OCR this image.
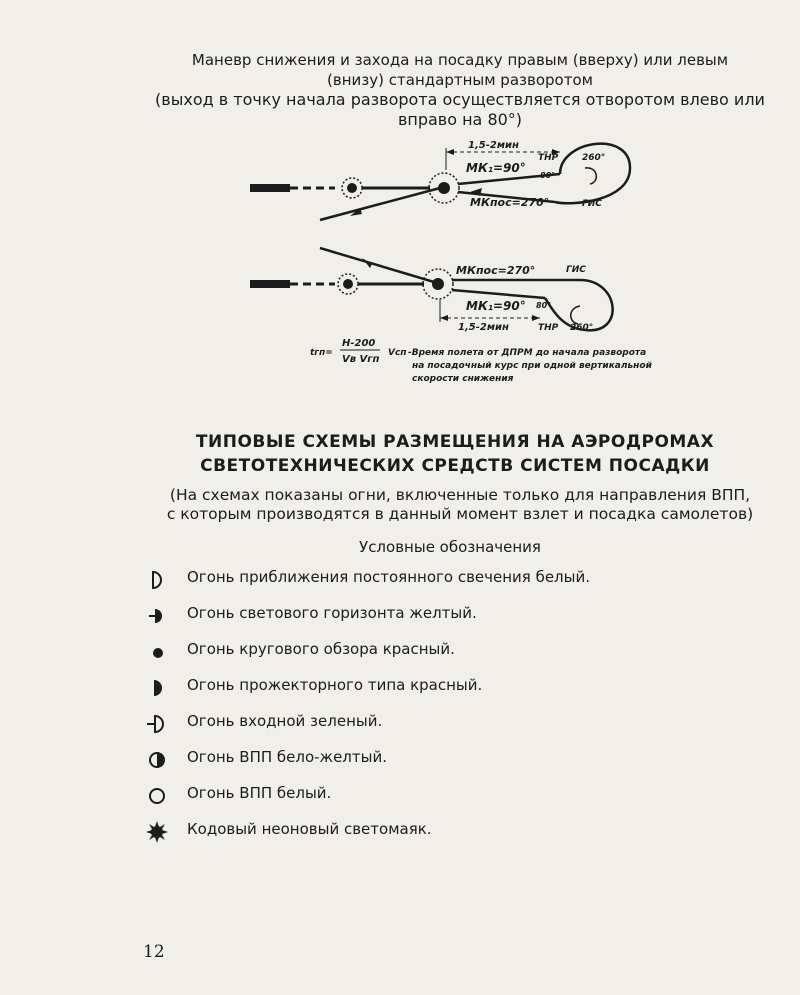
Маневр снижения и захода на посадку правым (вверху) или левым
(внизу) стандартным разворотом
(выход в точку начала разворота осуществляется отворотом влево или
вправо на 80°)
1,5-2мин
МК₁=90°
МКпос=270°
ТНР
80°
260°
ГИС
1,5-2мин
МК₁=90°
МКпос=270°
ТНР
80°
260°
ГИС
tгп=
H-200
Vв Vгп
Vсп -Время полета от ДПРМ до начала разворота
на посадочный курс при одной вертикальной
скорости снижения
ТИПОВЫЕ СХЕМЫ РАЗМЕЩЕНИЯ НА АЭРОДРОМАХ
СВЕТОТЕХНИЧЕСКИХ СРЕДСТВ СИСТЕМ ПОСАДКИ
(На схемах показаны огни, включенные только для направления ВПП,
с которым производятся в данный момент взлет и посадка самолетов)
Условные обозначения
Огонь приближения постоянного свечения белый.
Огонь светового горизонта желтый.
Огонь кругового обзора красный.
Огонь прожекторного типа красный.
Огонь входной зеленый.
Огонь ВПП бело-желтый.
Огонь ВПП белый.
Кодовый неоновый светомаяк.
12
